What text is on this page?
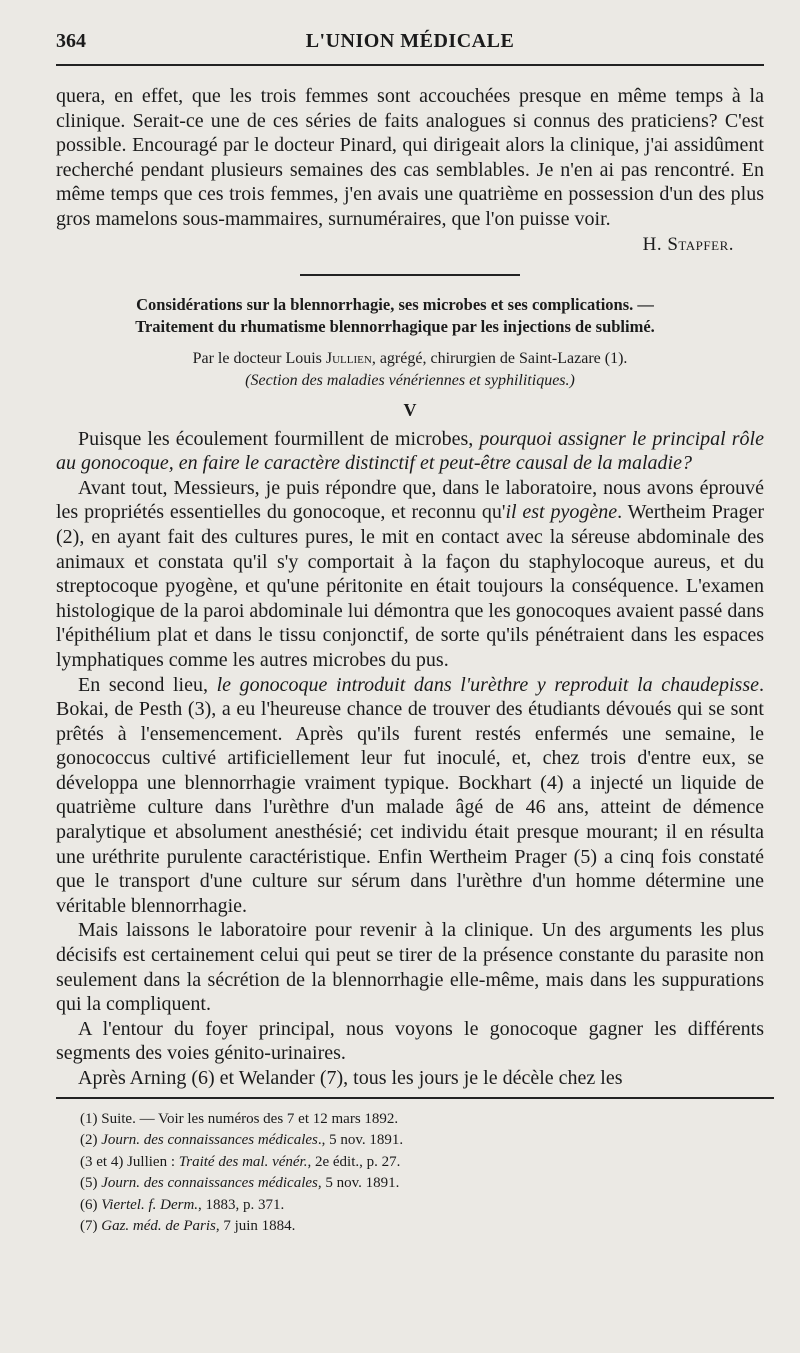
364	L'UNION MÉDICALE

quera, en effet, que les trois femmes sont accouchées presque en même temps à la clinique. Serait-ce une de ces séries de faits analogues si connus des praticiens? C'est possible. Encouragé par le docteur Pinard, qui dirigeait alors la clinique, j'ai assidûment recherché pendant plusieurs semaines des cas semblables. Je n'en ai pas rencontré. En même temps que ces trois femmes, j'en avais une quatrième en possession d'un des plus gros mamelons sous-mammaires, surnuméraires, que l'on puisse voir.

H. Stapfer.
Considérations sur la blennorrhagie, ses microbes et ses complications. —
Traitement du rhumatisme blennorrhagique par les injections de sublimé.
Par le docteur Louis Jullien, agrégé, chirurgien de Saint-Lazare (1).
(Section des maladies vénériennes et syphilitiques.)
V

Puisque les écoulement fourmillent de microbes, pourquoi assigner le principal rôle au gonocoque, en faire le caractère distinctif et peut-être causal de la maladie?

Avant tout, Messieurs, je puis répondre que, dans le laboratoire, nous avons éprouvé les propriétés essentielles du gonocoque, et reconnu qu'il est pyogène. Wertheim Prager (2), en ayant fait des cultures pures, le mit en contact avec la séreuse abdominale des animaux et constata qu'il s'y comportait à la façon du staphylocoque aureus, et du streptocoque pyogène, et qu'une péritonite en était toujours la conséquence. L'examen histologique de la paroi abdominale lui démontra que les gonocoques avaient passé dans l'épithélium plat et dans le tissu conjonctif, de sorte qu'ils pénétraient dans les espaces lymphatiques comme les autres microbes du pus.

En second lieu, le gonocoque introduit dans l'urèthre y reproduit la chaudepisse. Bokai, de Pesth (3), a eu l'heureuse chance de trouver des étudiants dévoués qui se sont prêtés à l'ensemencement. Après qu'ils furent restés enfermés une semaine, le gonococcus cultivé artificiellement leur fut inoculé, et, chez trois d'entre eux, se développa une blennorrhagie vraiment typique. Bockhart (4) a injecté un liquide de quatrième culture dans l'urèthre d'un malade âgé de 46 ans, atteint de démence paralytique et absolument anesthésié; cet individu était presque mourant; il en résulta une uréthrite purulente caractéristique. Enfin Wertheim Prager (5) a cinq fois constaté que le transport d'une culture sur sérum dans l'urèthre d'un homme détermine une véritable blennorrhagie.

Mais laissons le laboratoire pour revenir à la clinique. Un des arguments les plus décisifs est certainement celui qui peut se tirer de la présence constante du parasite non seulement dans la sécrétion de la blennorrhagie elle-même, mais dans les suppurations qui la compliquent.

A l'entour du foyer principal, nous voyons le gonocoque gagner les différents segments des voies génito-urinaires.

Après Arning (6) et Welander (7), tous les jours je le décèle chez les

(1) Suite. — Voir les numéros des 7 et 12 mars 1892.
(2) Journ. des connaissances médicales., 5 nov. 1891.
(3 et 4) Jullien : Traité des mal. vénér., 2e édit., p. 27.
(5) Journ. des connaissances médicales, 5 nov. 1891.
(6) Viertel. f. Derm., 1883, p. 371.
(7) Gaz. méd. de Paris, 7 juin 1884.
